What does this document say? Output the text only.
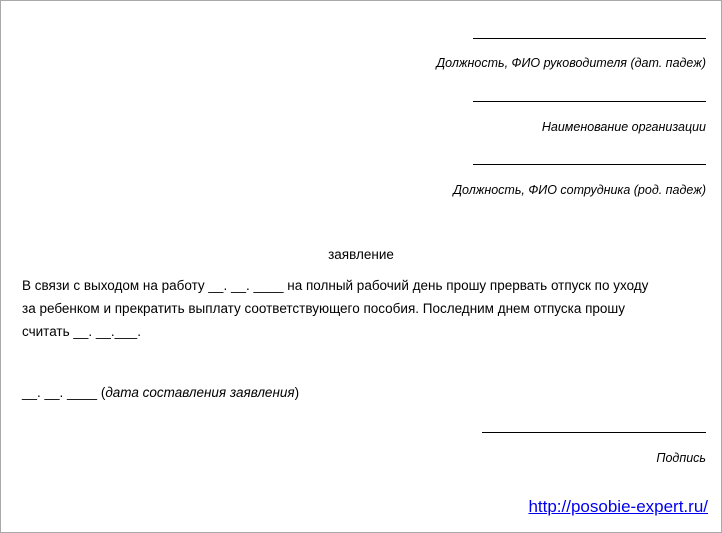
Должность, ФИО руководителя (дат. падеж)
Наименование организации
Должность, ФИО сотрудника (род. падеж)
заявление
В связи с выходом на работу __. __. ____ на полный рабочий день прошу прервать отпуск по уходу
за ребенком и прекратить выплату соответствующего пособия. Последним днем отпуска прошу
считать __. __.___.
__. __. ____ (дата составления заявления)
Подпись
http://posobie-expert.ru/
